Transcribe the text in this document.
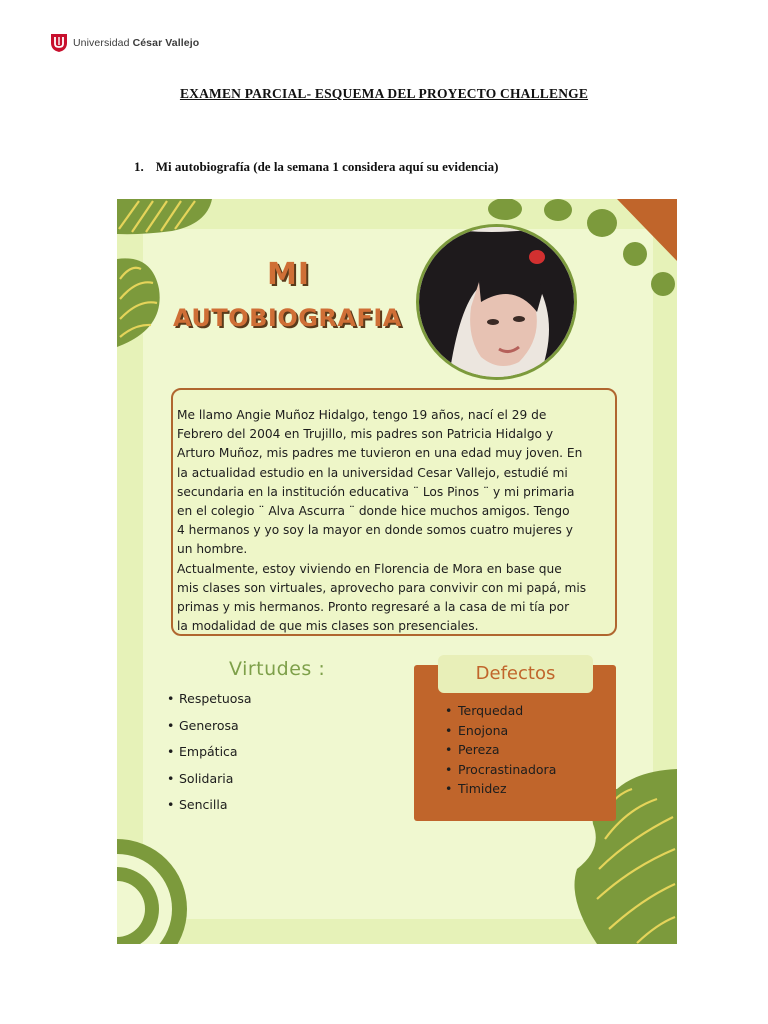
Universidad César Vallejo
EXAMEN PARCIAL- ESQUEMA DEL PROYECTO CHALLENGE
1. Mi autobiografía (de la semana 1 considera aquí su evidencia)
MI
AUTOBIOGRAFIA

Me llamo Angie Muñoz Hidalgo, tengo 19 años, nací el 29 de
Febrero del 2004 en Trujillo, mis padres son Patricia Hidalgo y
Arturo Muñoz, mis padres me tuvieron en una edad muy joven. En
la actualidad estudio en la universidad Cesar Vallejo, estudié mi
secundaria en la institución educativa ¨ Los Pinos ¨ y mi primaria
en el colegio ¨ Alva Ascurra ¨ donde hice muchos amigos. Tengo
4 hermanos y yo soy la mayor en donde somos cuatro mujeres y
un hombre.
Actualmente, estoy viviendo en Florencia de Mora en base que
mis clases son virtuales, aprovecho para convivir con mi papá, mis
primas y mis hermanos. Pronto regresaré a la casa de mi tía por
la modalidad de que mis clases son presenciales.

Virtudes :
• Respetuosa
• Generosa
• Empática
• Solidaria
• Sencilla
Defectos
• Terquedad
• Enojona
• Pereza
• Procrastinadora
• Timidez
